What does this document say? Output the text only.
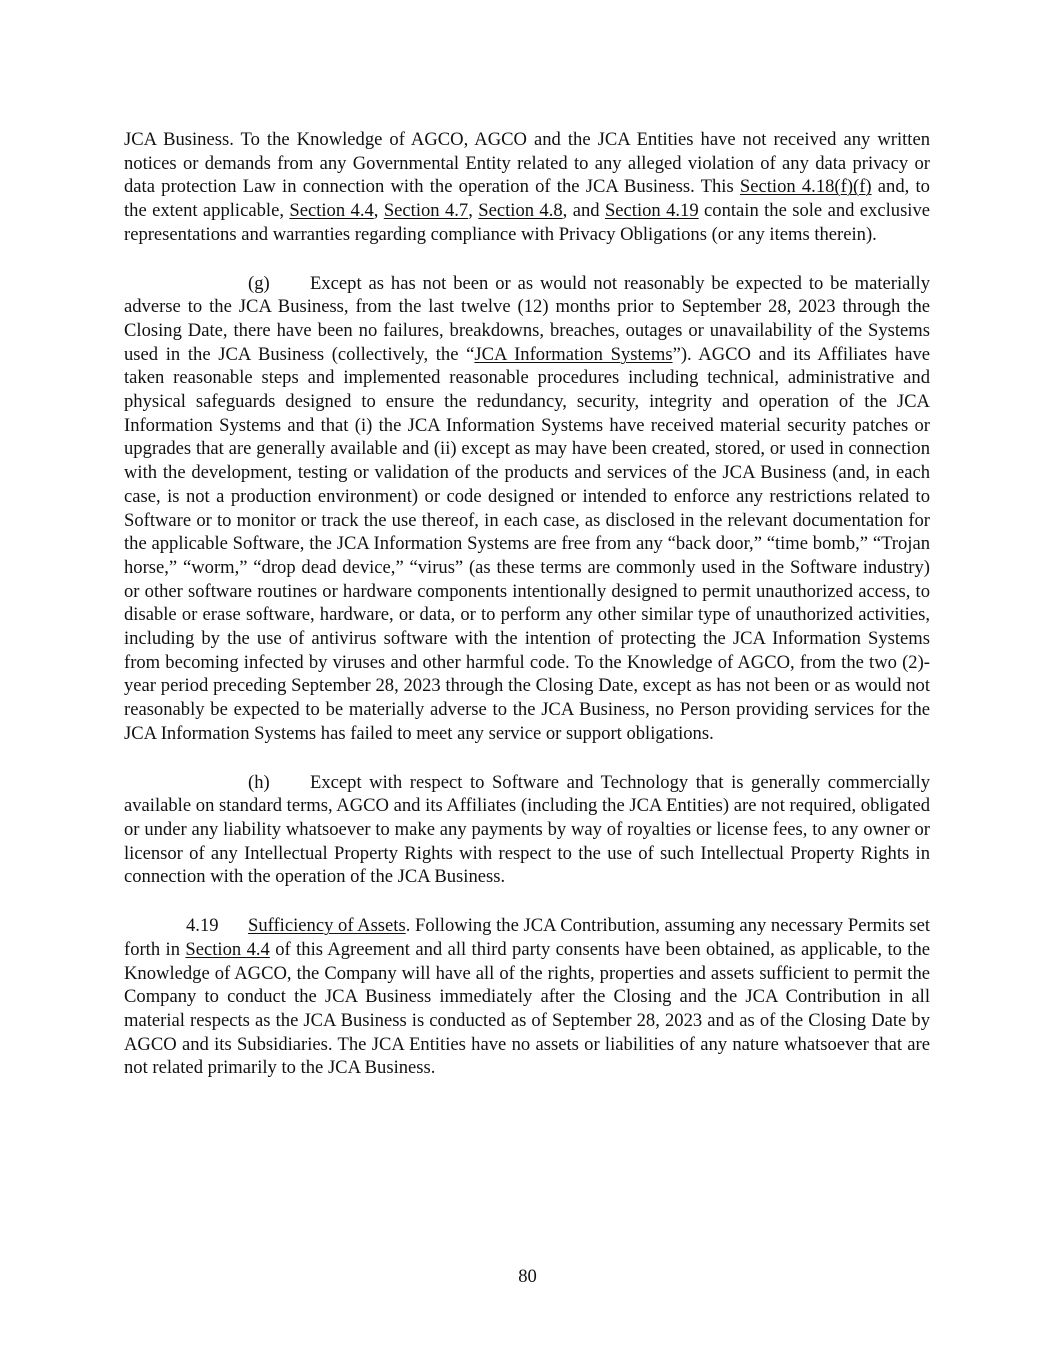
JCA Business. To the Knowledge of AGCO, AGCO and the JCA Entities have not received any written notices or demands from any Governmental Entity related to any alleged violation of any data privacy or data protection Law in connection with the operation of the JCA Business. This Section 4.18(f)(f) and, to the extent applicable, Section 4.4, Section 4.7, Section 4.8, and Section 4.19 contain the sole and exclusive representations and warranties regarding compliance with Privacy Obligations (or any items therein).

(g) Except as has not been or as would not reasonably be expected to be materially adverse to the JCA Business, from the last twelve (12) months prior to September 28, 2023 through the Closing Date, there have been no failures, breakdowns, breaches, outages or unavailability of the Systems used in the JCA Business (collectively, the “JCA Information Systems”). AGCO and its Affiliates have taken reasonable steps and implemented reasonable procedures including technical, administrative and physical safeguards designed to ensure the redundancy, security, integrity and operation of the JCA Information Systems and that (i) the JCA Information Systems have received material security patches or upgrades that are generally available and (ii) except as may have been created, stored, or used in connection with the development, testing or validation of the products and services of the JCA Business (and, in each case, is not a production environment) or code designed or intended to enforce any restrictions related to Software or to monitor or track the use thereof, in each case, as disclosed in the relevant documentation for the applicable Software, the JCA Information Systems are free from any “back door,” “time bomb,” “Trojan horse,” “worm,” “drop dead device,” “virus” (as these terms are commonly used in the Software industry) or other software routines or hardware components intentionally designed to permit unauthorized access, to disable or erase software, hardware, or data, or to perform any other similar type of unauthorized activities, including by the use of antivirus software with the intention of protecting the JCA Information Systems from becoming infected by viruses and other harmful code. To the Knowledge of AGCO, from the two (2)-year period preceding September 28, 2023 through the Closing Date, except as has not been or as would not reasonably be expected to be materially adverse to the JCA Business, no Person providing services for the JCA Information Systems has failed to meet any service or support obligations.

(h) Except with respect to Software and Technology that is generally commercially available on standard terms, AGCO and its Affiliates (including the JCA Entities) are not required, obligated or under any liability whatsoever to make any payments by way of royalties or license fees, to any owner or licensor of any Intellectual Property Rights with respect to the use of such Intellectual Property Rights in connection with the operation of the JCA Business.

4.19 Sufficiency of Assets. Following the JCA Contribution, assuming any necessary Permits set forth in Section 4.4 of this Agreement and all third party consents have been obtained, as applicable, to the Knowledge of AGCO, the Company will have all of the rights, properties and assets sufficient to permit the Company to conduct the JCA Business immediately after the Closing and the JCA Contribution in all material respects as the JCA Business is conducted as of September 28, 2023 and as of the Closing Date by AGCO and its Subsidiaries. The JCA Entities have no assets or liabilities of any nature whatsoever that are not related primarily to the JCA Business.

80
